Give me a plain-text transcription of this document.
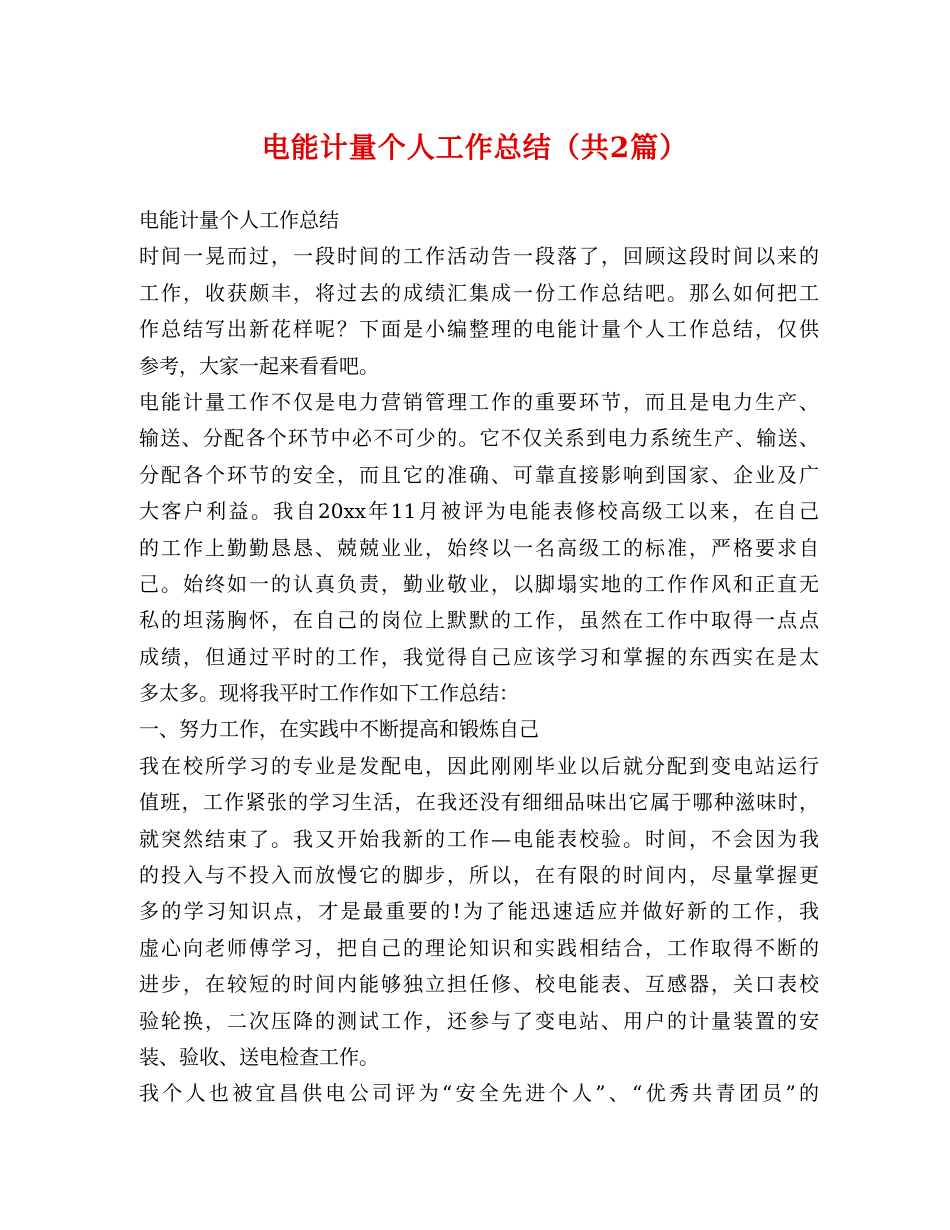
电能计量个人工作总结（共2篇）
电能计量个人工作总结
时间一晃而过，一段时间的工作活动告一段落了，回顾这段时间以来的
工作，收获颇丰，将过去的成绩汇集成一份工作总结吧。那么如何把工
作总结写出新花样呢？下面是小编整理的电能计量个人工作总结，仅供
参考，大家一起来看看吧。
电能计量工作不仅是电力营销管理工作的重要环节，而且是电力生产、
输送、分配各个环节中必不可少的。它不仅关系到电力系统生产、输送、
分配各个环节的安全，而且它的准确、可靠直接影响到国家、企业及广
大客户利益。我自20xx年11月被评为电能表修校高级工以来，在自己
的工作上勤勤恳恳、兢兢业业，始终以一名高级工的标准，严格要求自
己。始终如一的认真负责，勤业敬业，以脚塌实地的工作作风和正直无
私的坦荡胸怀，在自己的岗位上默默的工作，虽然在工作中取得一点点
成绩，但通过平时的工作，我觉得自己应该学习和掌握的东西实在是太
多太多。现将我平时工作作如下工作总结：
一、努力工作，在实践中不断提高和锻炼自己
我在校所学习的专业是发配电，因此刚刚毕业以后就分配到变电站运行
值班，工作紧张的学习生活，在我还没有细细品味出它属于哪种滋味时，
就突然结束了。我又开始我新的工作—电能表校验。时间，不会因为我
的投入与不投入而放慢它的脚步，所以，在有限的时间内，尽量掌握更
多的学习知识点，才是最重要的!为了能迅速适应并做好新的工作，我
虚心向老师傅学习，把自己的理论知识和实践相结合，工作取得不断的
进步，在较短的时间内能够独立担任修、校电能表、互感器，关口表校
验轮换，二次压降的测试工作，还参与了变电站、用户的计量装置的安
装、验收、送电检查工作。
我个人也被宜昌供电公司评为“安全先进个人”、“优秀共青团员”的
